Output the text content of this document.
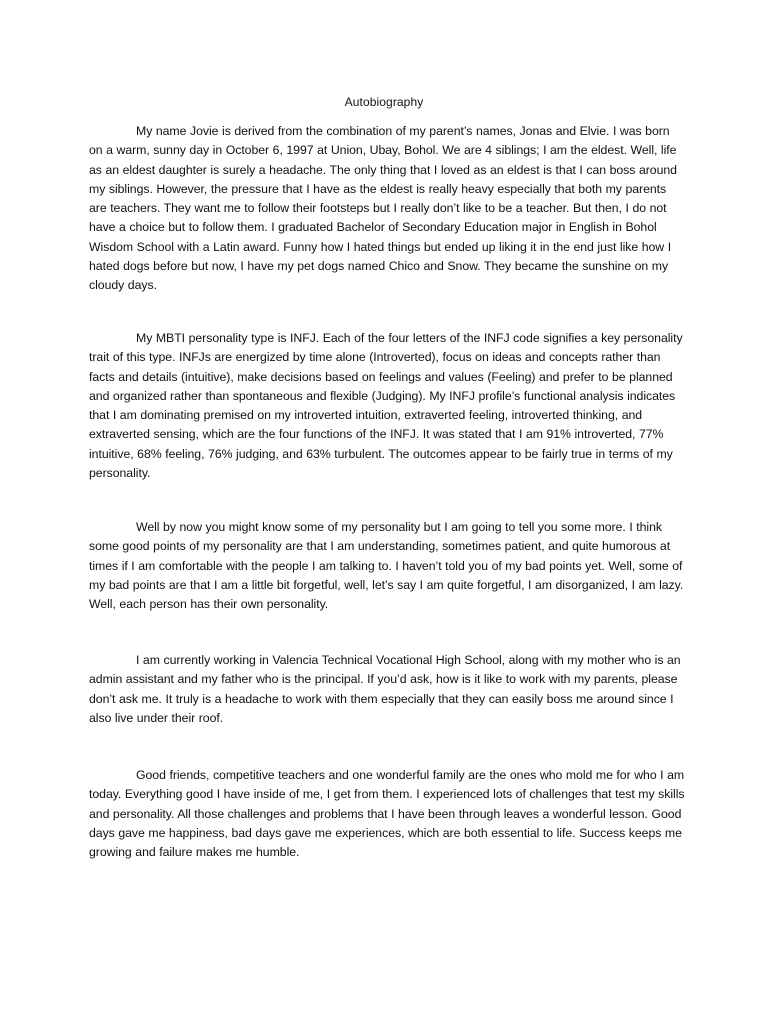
Autobiography

My name Jovie is derived from the combination of my parent’s names, Jonas and Elvie. I was born on a warm, sunny day in October 6, 1997 at Union, Ubay, Bohol. We are 4 siblings; I am the eldest. Well, life as an eldest daughter is surely a headache. The only thing that I loved as an eldest is that I can boss around my siblings. However, the pressure that I have as the eldest is really heavy especially that both my parents are teachers. They want me to follow their footsteps but I really don’t like to be a teacher. But then, I do not have a choice but to follow them. I graduated Bachelor of Secondary Education major in English in Bohol Wisdom School with a Latin award. Funny how I hated things but ended up liking it in the end just like how I hated dogs before but now, I have my pet dogs named Chico and Snow. They became the sunshine on my cloudy days.

My MBTI personality type is INFJ. Each of the four letters of the INFJ code signifies a key personality trait of this type. INFJs are energized by time alone (Introverted), focus on ideas and concepts rather than facts and details (intuitive), make decisions based on feelings and values (Feeling) and prefer to be planned and organized rather than spontaneous and flexible (Judging). My INFJ profile’s functional analysis indicates that I am dominating premised on my introverted intuition, extraverted feeling, introverted thinking, and extraverted sensing, which are the four functions of the INFJ. It was stated that I am 91% introverted, 77% intuitive, 68% feeling, 76% judging, and 63% turbulent. The outcomes appear to be fairly true in terms of my personality.

Well by now you might know some of my personality but I am going to tell you some more. I think some good points of my personality are that I am understanding, sometimes patient, and quite humorous at times if I am comfortable with the people I am talking to. I haven’t told you of my bad points yet. Well, some of my bad points are that I am a little bit forgetful, well, let’s say I am quite forgetful, I am disorganized, I am lazy. Well, each person has their own personality.

I am currently working in Valencia Technical Vocational High School, along with my mother who is an admin assistant and my father who is the principal. If you’d ask, how is it like to work with my parents, please don’t ask me. It truly is a headache to work with them especially that they can easily boss me around since I also live under their roof.

Good friends, competitive teachers and one wonderful family are the ones who mold me for who I am today. Everything good I have inside of me, I get from them. I experienced lots of challenges that test my skills and personality. All those challenges and problems that I have been through leaves a wonderful lesson. Good days gave me happiness, bad days gave me experiences, which are both essential to life. Success keeps me growing and failure makes me humble.
